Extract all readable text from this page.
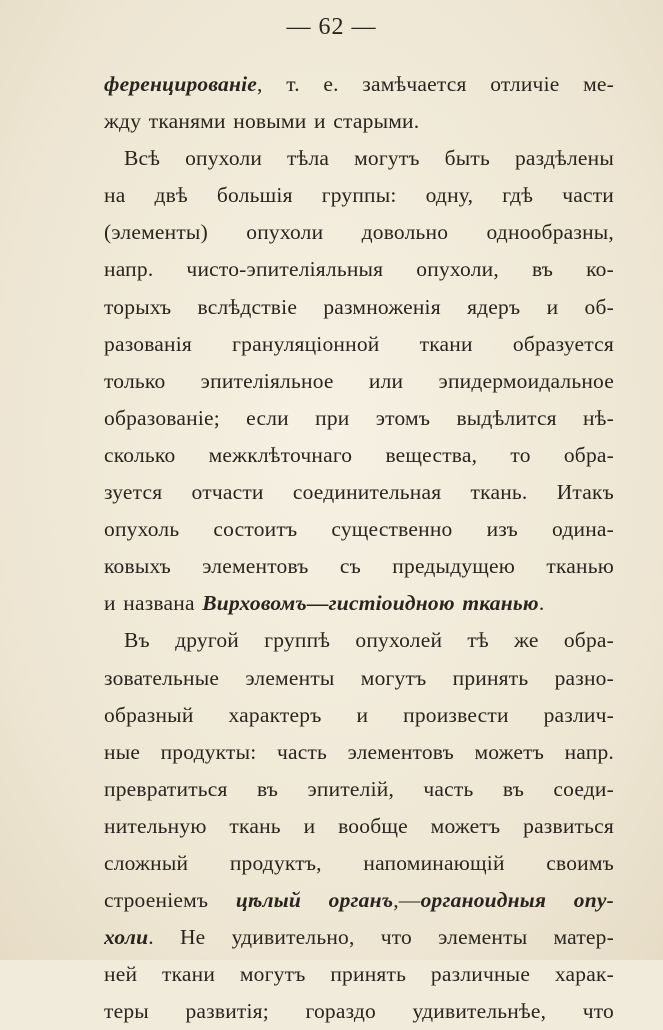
— 62 —
ференцированіе, т. е. замѣчается отличіе ме-
жду тканями новыми и старыми.
Всѣ опухоли тѣла могутъ быть раздѣлены
на двѣ большія группы: одну, гдѣ части
(элементы) опухоли довольно однообразны,
напр. чисто-эпителіяльныя опухоли, въ ко-
торыхъ вслѣдствіе размноженія ядеръ и об-
разованія грануляціонной ткани образуется
только эпителіяльное или эпидермоидальное
образованіе; если при этомъ выдѣлится нѣ-
сколько межклѣточнаго вещества, то обра-
зуется отчасти соединительная ткань. Итакъ
опухоль состоитъ существенно изъ одина-
ковыхъ элементовъ съ предыдущею тканью
и названа Вирховомъ—гистіоидною тканью.
Въ другой группѣ опухолей тѣ же обра-
зовательные элементы могутъ принять разно-
образный характеръ и произвести различ-
ные продукты: часть элементовъ можетъ напр.
превратиться въ эпителій, часть въ соеди-
нительную ткань и вообще можетъ развиться
сложный продуктъ, напоминающій своимъ
строеніемъ цѣлый органъ,—органоидныя опу-
холи. Не удивительно, что элементы матер-
ней ткани могутъ принять различные харак-
теры развитія; гораздо удивительнѣе, что
